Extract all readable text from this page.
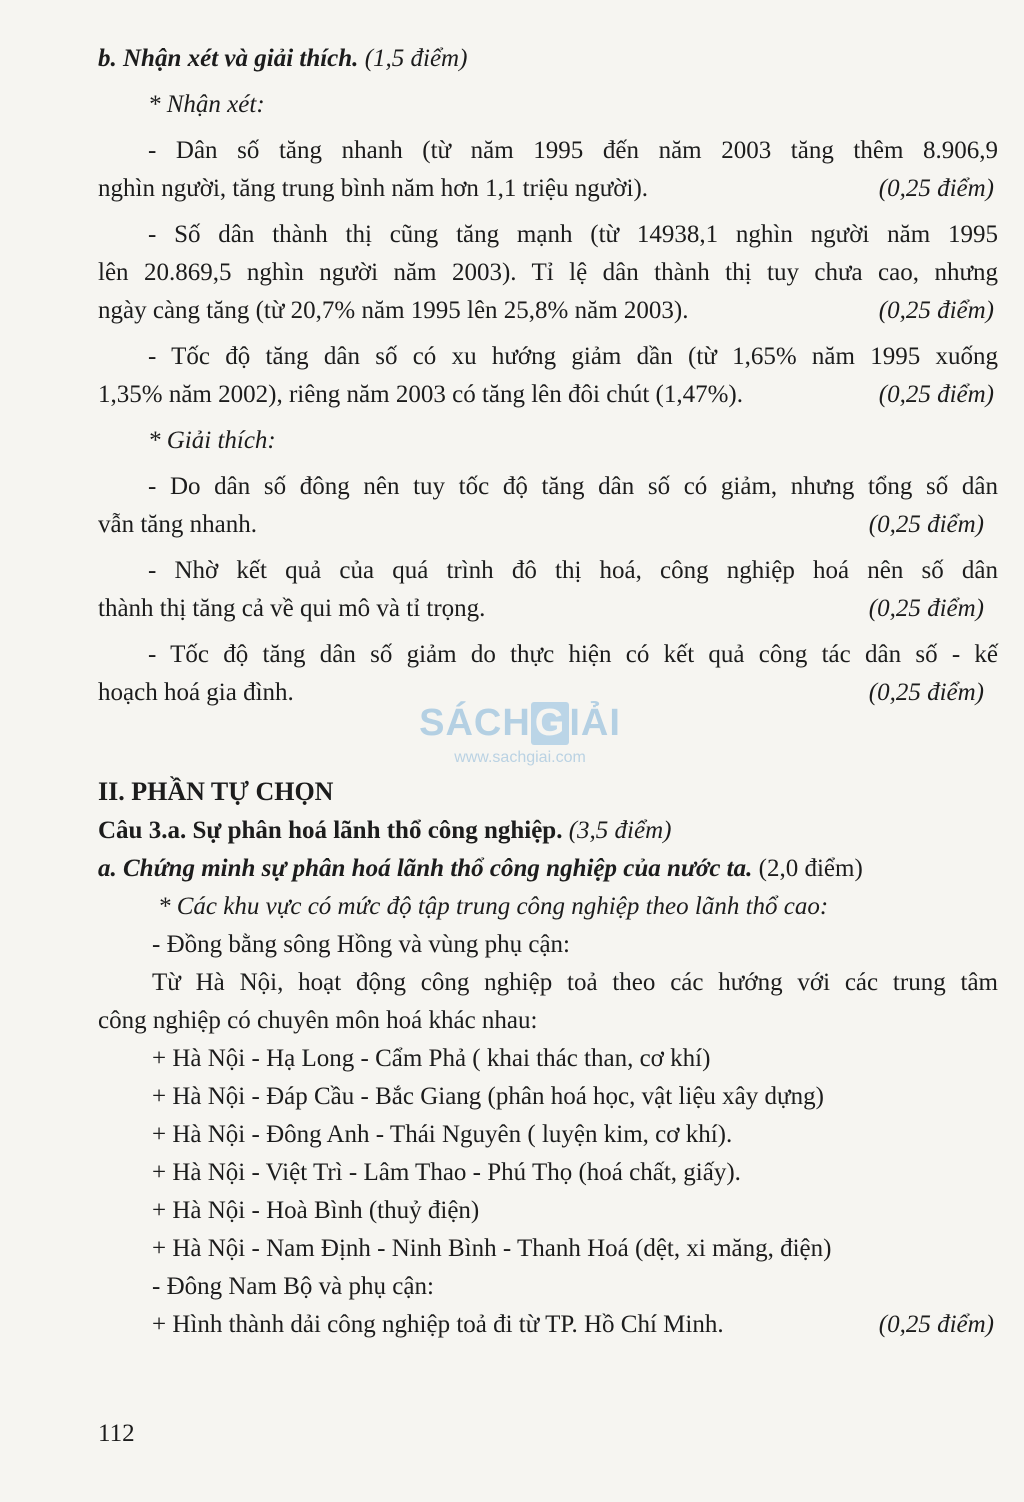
b. Nhận xét và giải thích. (1,5 điểm)
* Nhận xét:
- Dân số tăng nhanh (từ năm 1995 đến năm 2003 tăng thêm 8.906,9
nghìn người, tăng trung bình năm hơn 1,1 triệu người).	(0,25 điểm)
- Số dân thành thị cũng tăng mạnh (từ 14938,1 nghìn người năm 1995
lên 20.869,5 nghìn người năm 2003). Tỉ lệ dân thành thị tuy chưa cao, nhưng
ngày càng tăng (từ 20,7% năm 1995 lên 25,8% năm 2003).	(0,25 điểm)
- Tốc độ tăng dân số có xu hướng giảm dần (từ 1,65% năm 1995 xuống
1,35% năm 2002), riêng năm 2003 có tăng lên đôi chút (1,47%).	(0,25 điểm)
* Giải thích:
- Do dân số đông nên tuy tốc độ tăng dân số có giảm, nhưng tổng số dân
vẫn tăng nhanh.	(0,25 điểm)
- Nhờ kết quả của quá trình đô thị hoá, công nghiệp hoá nên số dân
thành thị tăng cả về qui mô và tỉ trọng.	(0,25 điểm)
- Tốc độ tăng dân số giảm do thực hiện có kết quả công tác dân số - kế
hoạch hoá gia đình.	(0,25 điểm)
II. PHẦN TỰ CHỌN
Câu 3.a. Sự phân hoá lãnh thổ công nghiệp. (3,5 điểm)
a. Chứng minh sự phân hoá lãnh thổ công nghiệp của nước ta. (2,0 điểm)
* Các khu vực có mức độ tập trung công nghiệp theo lãnh thổ cao:
- Đồng bằng sông Hồng và vùng phụ cận:
Từ Hà Nội, hoạt động công nghiệp toả theo các hướng với các trung tâm
công nghiệp có chuyên môn hoá khác nhau:
+ Hà Nội - Hạ Long - Cẩm Phả ( khai thác than, cơ khí)
+ Hà Nội - Đáp Cầu - Bắc Giang (phân hoá học, vật liệu xây dựng)
+ Hà Nội - Đông Anh - Thái Nguyên ( luyện kim, cơ khí).
+ Hà Nội - Việt Trì - Lâm Thao - Phú Thọ (hoá chất, giấy).
+ Hà Nội - Hoà Bình (thuỷ điện)
+ Hà Nội - Nam Định - Ninh Bình - Thanh Hoá (dệt, xi măng, điện)
- Đông Nam Bộ và phụ cận:
+ Hình thành dải công nghiệp toả đi từ TP. Hồ Chí Minh.	(0,25 điểm)
SÁCH G IẢI
www.sachgiai.com
112
